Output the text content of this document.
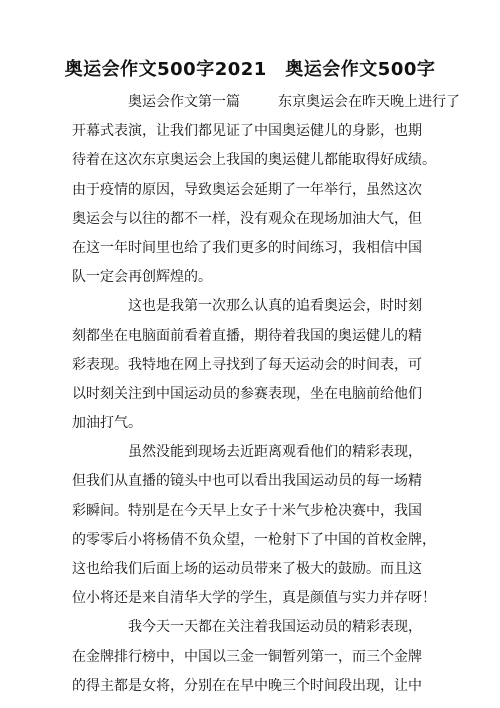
奥运会作文500字2021　奥运会作文500字
奥运会作文第一篇	东京奥运会在昨天晚上进行了
开幕式表演，让我们都见证了中国奥运健儿的身影，也期
待着在这次东京奥运会上我国的奥运健儿都能取得好成绩。
由于疫情的原因，导致奥运会延期了一年举行，虽然这次
奥运会与以往的都不一样，没有观众在现场加油大气，但
在这一年时间里也给了我们更多的时间练习，我相信中国
队一定会再创辉煌的。
这也是我第一次那么认真的追看奥运会，时时刻
刻都坐在电脑面前看着直播，期待着我国的奥运健儿的精
彩表现。我特地在网上寻找到了每天运动会的时间表，可
以时刻关注到中国运动员的参赛表现，坐在电脑前给他们
加油打气。
虽然没能到现场去近距离观看他们的精彩表现，
但我们从直播的镜头中也可以看出我国运动员的每一场精
彩瞬间。特别是在今天早上女子十米气步枪决赛中，我国
的零零后小将杨倩不负众望，一枪射下了中国的首枚金牌，
这也给我们后面上场的运动员带来了极大的鼓励。而且这
位小将还是来自清华大学的学生，真是颜值与实力并存呀！
我今天一天都在关注着我国运动员的精彩表现，
在金牌排行榜中，中国以三金一铜暂列第一，而三个金牌
的得主都是女将，分别在在早中晚三个时间段出现，让中
